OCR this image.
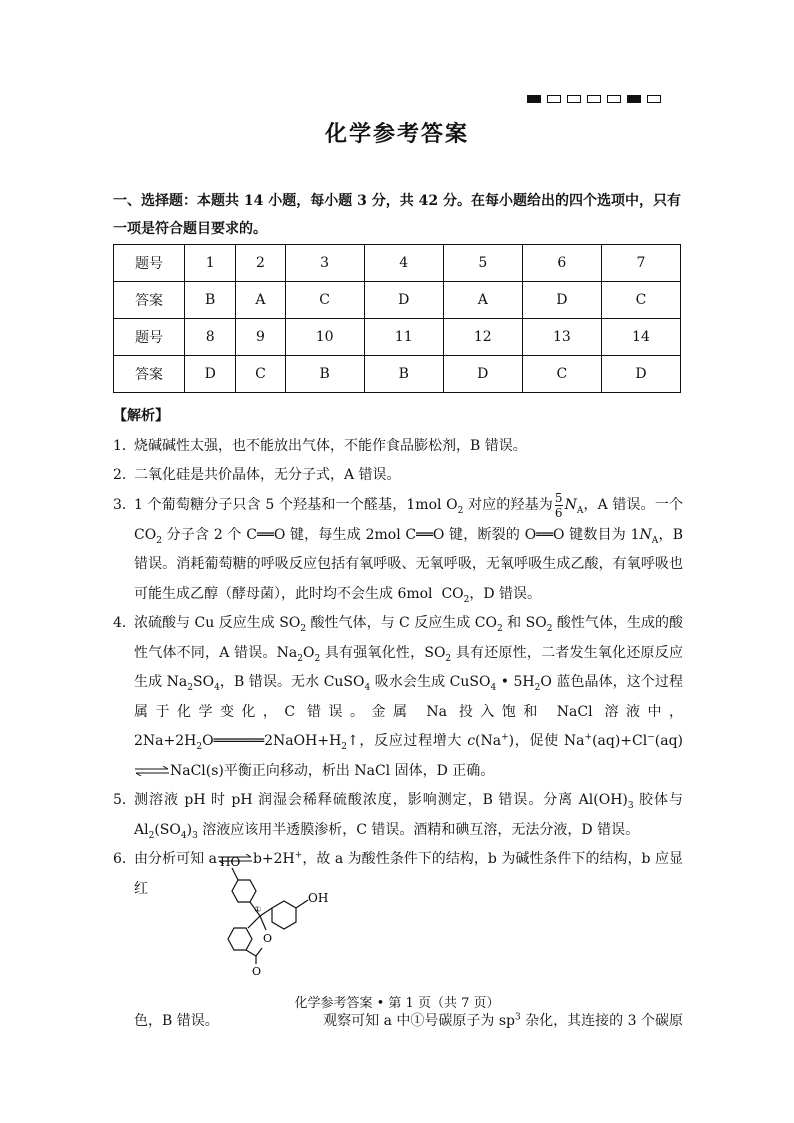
化学参考答案
一、选择题：本题共 14 小题，每小题 3 分，共 42 分。在每小题给出的四个选项中，只有一项是符合题目要求的。
题号	1	2	3	4	5	6	7
答案	B	A	C	D	A	D	C
题号	8	9	10	11	12	13	14
答案	D	C	B	B	D	C	D
【解析】
1．
烧碱碱性太强，也不能放出气体，不能作食品膨松剂，B 错误。
2．
二氧化硅是共价晶体，无分子式，A 错误。
3．
1 个葡萄糖分子只含 5 个羟基和一个醛基，1mol $O_2$ 对应的羟基为 $\frac{5}{6} N_A$，A 错误。一个 $CO_2$ 分子含 2 个 C══O 键，每生成 2mol C══O 键，断裂的 O══O 键数目为 $1N_A$，B 错误。消耗葡萄糖的呼吸反应包括有氧呼吸、无氧呼吸，无氧呼吸生成乙酸，有氧呼吸也可能生成乙醇（酵母菌），此时均不会生成 6mol  $CO_2$，D 错误。
4．
浓硫酸与 Cu 反应生成 $SO_2$ 酸性气体，与 C 反应生成 $CO_2$ 和 $SO_2$ 酸性气体，生成的酸性气体不同，A 错误。$Na_2O_2$ 具有强氧化性，$SO_2$ 具有还原性，二者发生氧化还原反应生成 $Na_2SO_4$，B 错误。无水 CuSO$_4$ 吸水会生成 CuSO$_4$ • $5H_2O$ 蓝色晶体，这个过程属于化学变化，C 错误。金属 Na 投入饱和 NaCl 溶液中，$2Na+2H_2O══════2NaOH+H_2↑$，反应过程增大 c(Na+)，促使 Na+(aq)+Cl−(aq)⇌NaCl(s)平衡正向移动，析出 NaCl 固体，D 正确。
5．
测溶液 pH 时 pH 润湿会稀释硫酸浓度，影响测定，B 错误。分离 $Al(OH)_3$ 胶体与 $Al_2(SO_4)_3$ 溶液应该用半透膜渗析，C 错误。酒精和碘互溶，无法分液，D 错误。
6．
由分析可知 a⇌b+2H+，故 a 为酸性条件下的结构，b 为碱性条件下的结构，b 应显红
色，B 错误。	观察可知 a 中①号碳原子为 $sp^3$ 杂化，其连接的 3 个碳原
HO
①
OH
O
O
化学参考答案 • 第 1 页（共 7 页）
